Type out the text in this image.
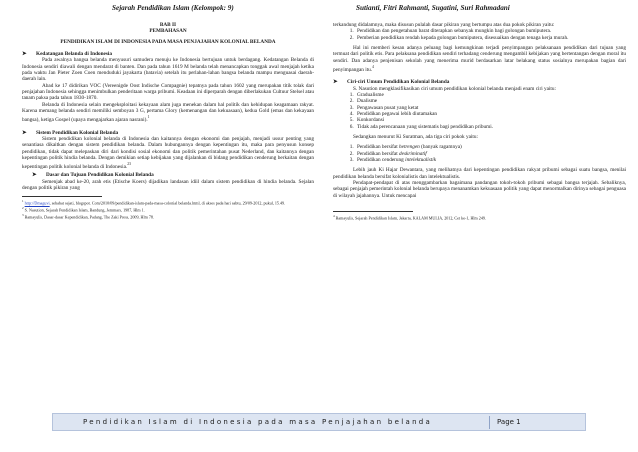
Sejarah Pendidikan Islam (Kelompok: 9)	Sutianti, Fitri Rahmanti, Sugatini, Suri Rahmadani

BAB II

PEMBAHASAN

PENDIDIKAN ISLAM DI INDONESIA PADA MASA PENJAJAHAN KOLONIAL BELANDA

➤ Kedatangan Belanda di Indonesia

Pada awalnya bangsa belanda menyusuri samudera menuju ke Indonesia bertujuan untuk berdagang. Kedatangan Belanda di Indonesia sendiri diawali dengan mendarat di banten. Dan pada tahun 1619 M belanda telah menancapkan tonggak awal menjajah ketika pada waktu Jan Pieter Zoen Coen menduduki jayakarta (batavia) setelah itu perlahan-lahan bangsa belanda mampu menguasai daerah-daerah lain.

Abad ke 17 didirikan VOC (Vereenigde Oost Indische Compagnie) tepatnya pada tahun 1602 yang merupakan titik tolak dari penjajahan Indonesia sehingga menimbulkan penderitaan warga pribumi. Keadaan ini diperparah dengan diberlakukan Cultuur Stelsel atau tanam paksa pada tahun 1830-1870.

Belanda di Indonesia selain mengeksploitasi kekayaan alam juga menekan dalam hal politik dan kehidupan keagamaan rakyat. Karena memang belanda sendiri memiliki semboyan 3 G, pertama Glory (kemenangan dan kekuasaan), kedua Gold (emas dan kekayaan bangsa), ketiga Gospel (upaya mengajarkan ajaran nasrani).$^1$

➤ Sistem Pendidikan Kolonial Belanda

Sistem pendidikan kolonial belanda di Indonesia dan kaitannya dengan ekonomi dan penjajah, menjadi ussur penting yang senantiasa dikaitkan dengan sistem pendidikan belanda. Dalam hubungannya dengan kepentingan itu, maka para penyusun konsep pendidikan, tidak dapat melepaskan diri dari kondisi sosial ekonomi dan politik pemerintahan pusat Nederland, dan kaitannya dengan kepentingan politik hindia belanda. Dengan demikian setiap kebijakan yang dijalankan di bidang pendidikan cenderung berkaitan dengan kepentingan politik kolonial belanda di Indonesia.$^{23}$

➤ Dasar dan Tujuan Pendidikan Kolonial Belanda

Semenjak abad ke-20, arah etis (Etische Koers) dijadikan landasan idiil dalam sistem pendidikan di hindia belanda. Sejalan dengan politik pikiran yang

$^1$ http://Dmaguvi, sebabat sejati, blogspot. Com/2010/09/pendidikan-islam-pada-masa-colonial belanda.html, di akses pada hari sabtu, 29/09-2012, pukul, 15.49.

$^2$ S. Nasution, Sejarah Pendidikan Islam, Bandung, Jemmars, 1987, Hlm 1.

$^3$ Ramayulis, Dasar-dasar Kependidikan, Padang, The Zaki Press, 2009, Hlm 78.

terkandung didalamnya, maka disusun pulalah dasar pikiran yang bertumpu atas dua pokok pikiran yaitu:

1. Pendidikan dan pengetahuan barat diterapkan sebanyak mungkin bagi golongan bumiputera.
2. Pemberian pendidikan rendah kepada golongan bumiputera, disesuaikan dengan tenaga kerja murah.

Hal ini memberi kesan adanya peluang bagi kemungkinan terjadi penyimpangan pelaksanaan pendidikan dari tujuan yang termuat dari politik etis. Para pelaksana pendidikan sendiri terhadang cenderung mengambil kebijakan yang bertentangan dengan moral itu sendiri. Dan adanya penjenisan sekolah yang menerima murid berdasarkan latar belakang status sosialnya merupakan bagian dari penyimpangan itu.$^4$

➤ Ciri-ciri Umum Pendidikan Kolonial Belanda

S. Nasution mengklasifikasikan ciri umum pendidikan kolonial belanda menjadi enam ciri yaitu:

1. Gradualisme
2. Dualisme
3. Pengawasan pusat yang ketat
4. Pendidikan pegawai lebih diutamakan
5. Konkordansi
6. Tidak ada perencanaan yang sistematis bagi pendidikan pribumi.

Sedangkan menurut Ki Suratman, ada tiga ciri pokok yaitu:

1. Pendidikan bersifat hetrengen (banyak ragamnya)
2. Pendidikan bersifat deskriminatif
3. Pendidikan cenderung intelektualistik

Lebih jauh Ki Hajar Dewantara, yang melihatnya dari kepentingan pendidikan rakyat pribumi sebagai suatu bangsa, menilai pendidikan belanda bersifat kolonialistis dan intelektualistis.

Pendapat-pendapat di atas menggambarkan bagaimana pandangan tokoh-tokoh pribumi sebagai bangsa terjajah. Sebaliknya, sebagai penjajah pemerintah kolonial belanda berupaya menanamkan kekuasaan politik yang dapat menormalkan dirinya sebagai penguasa di wilayah jajahannya. Untuk mencapai

$^4$ Ramayulis, Sejarah Pendidikan Islam, Jakarta, KALAM MULIA, 2012, Cet ke-1, Hlm 249.

Pendidikan Islam di Indonesia pada masa Penjajahan belanda	Page 1
